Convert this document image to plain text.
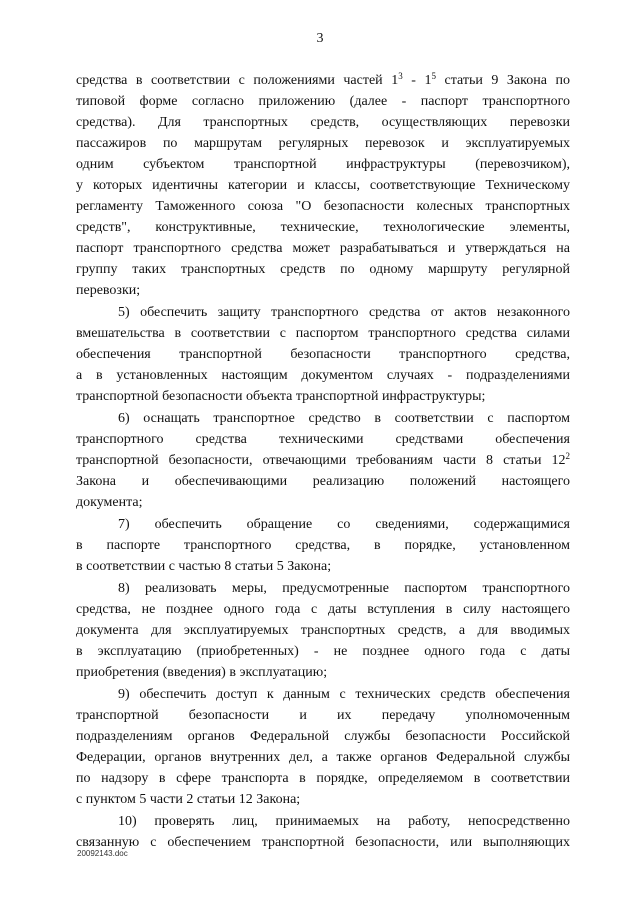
3
средства в соответствии с положениями частей $1^3 - 1^5$ статьи 9 Закона по
типовой форме согласно приложению (далее - паспорт транспортного
средства). Для транспортных средств, осуществляющих перевозки
пассажиров по маршрутам регулярных перевозок и эксплуатируемых
одним субъектом транспортной инфраструктуры (перевозчиком),
у которых идентичны категории и классы, соответствующие Техническому
регламенту Таможенного союза "О безопасности колесных транспортных
средств", конструктивные, технические, технологические элементы,
паспорт транспортного средства может разрабатываться и утверждаться на
группу таких транспортных средств по одному маршруту регулярной
перевозки;
5) обеспечить защиту транспортного средства от актов незаконного
вмешательства в соответствии с паспортом транспортного средства силами
обеспечения транспортной безопасности транспортного средства,
а в установленных настоящим документом случаях - подразделениями
транспортной безопасности объекта транспортной инфраструктуры;
6) оснащать транспортное средство в соответствии с паспортом
транспортного средства техническими средствами обеспечения
транспортной безопасности, отвечающими требованиям части 8 статьи $12^2$
Закона и обеспечивающими реализацию положений настоящего
документа;
7) обеспечить обращение со сведениями, содержащимися
в паспорте транспортного средства, в порядке, установленном
в соответствии с частью 8 статьи 5 Закона;
8) реализовать меры, предусмотренные паспортом транспортного
средства, не позднее одного года с даты вступления в силу настоящего
документа для эксплуатируемых транспортных средств, а для вводимых
в эксплуатацию (приобретенных) - не позднее одного года с даты
приобретения (введения) в эксплуатацию;
9) обеспечить доступ к данным с технических средств обеспечения
транспортной безопасности и их передачу уполномоченным
подразделениям органов Федеральной службы безопасности Российской
Федерации, органов внутренних дел, а также органов Федеральной службы
по надзору в сфере транспорта в порядке, определяемом в соответствии
с пунктом 5 части 2 статьи 12 Закона;
10) проверять лиц, принимаемых на работу, непосредственно
связанную с обеспечением транспортной безопасности, или выполняющих
20092143.doc
